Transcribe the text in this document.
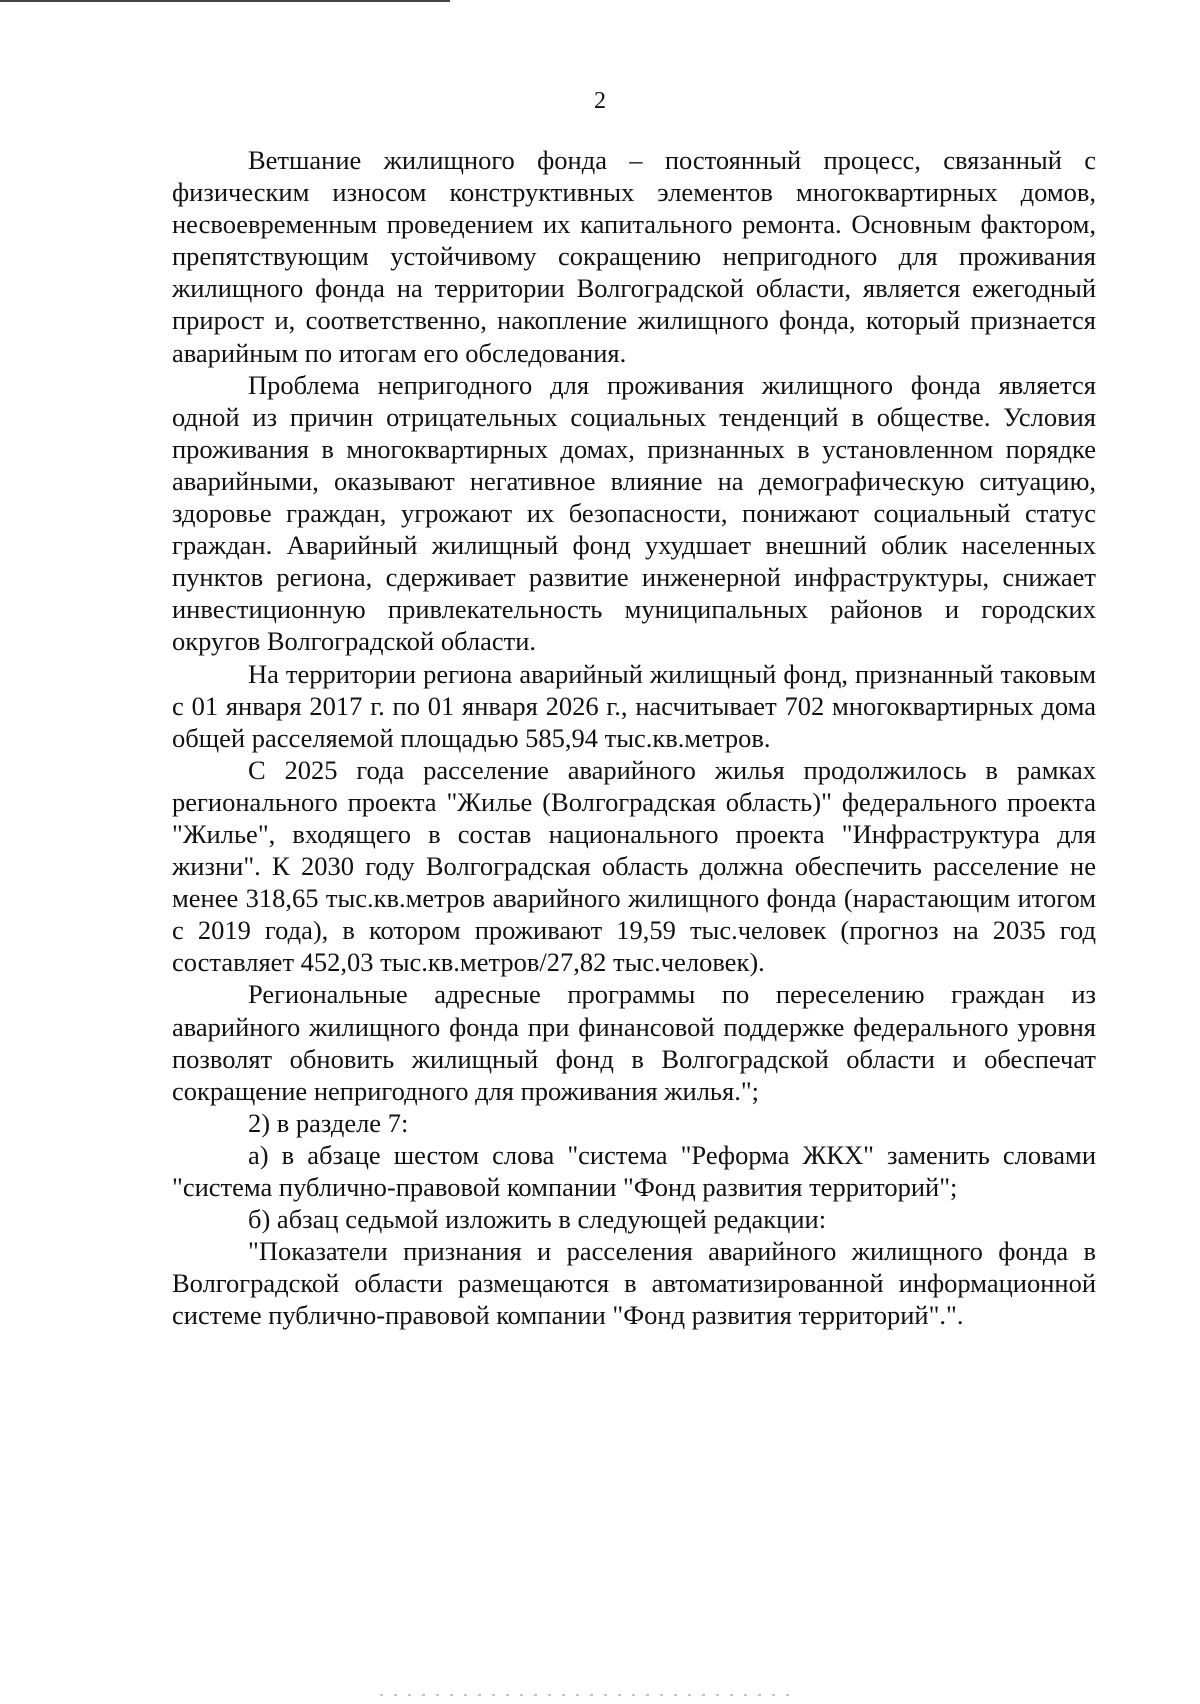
2

Ветшание жилищного фонда – постоянный процесс, связанный с физическим износом конструктивных элементов многоквартирных домов, несвоевременным проведением их капитального ремонта. Основным фактором, препятствующим устойчивому сокращению непригодного для проживания жилищного фонда на территории Волгоградской области, является ежегодный прирост и, соответственно, накопление жилищного фонда, который признается аварийным по итогам его обследования.

Проблема непригодного для проживания жилищного фонда является одной из причин отрицательных социальных тенденций в обществе. Условия проживания в многоквартирных домах, признанных в установленном порядке аварийными, оказывают негативное влияние на демографическую ситуацию, здоровье граждан, угрожают их безопасности, понижают социальный статус граждан. Аварийный жилищный фонд ухудшает внешний облик населенных пунктов региона, сдерживает развитие инженерной инфраструктуры, снижает инвестиционную привлекательность муниципальных районов и городских округов Волгоградской области.

На территории региона аварийный жилищный фонд, признанный таковым с 01 января 2017 г. по 01 января 2026 г., насчитывает 702 многоквартирных дома общей расселяемой площадью 585,94 тыс.кв.метров.

С 2025 года расселение аварийного жилья продолжилось в рамках регионального проекта "Жилье (Волгоградская область)" федерального проекта "Жилье", входящего в состав национального проекта "Инфраструктура для жизни". К 2030 году Волгоградская область должна обеспечить расселение не менее 318,65 тыс.кв.метров аварийного жилищного фонда (нарастающим итогом с 2019 года), в котором проживают 19,59 тыс.человек (прогноз на 2035 год составляет 452,03 тыс.кв.метров/27,82 тыс.человек).

Региональные адресные программы по переселению граждан из аварийного жилищного фонда при финансовой поддержке федерального уровня позволят обновить жилищный фонд в Волгоградской области и обеспечат сокращение непригодного для проживания жилья.";

2) в разделе 7:

а) в абзаце шестом слова "система "Реформа ЖКХ" заменить словами "система публично-правовой компании "Фонд развития территорий";

б) абзац седьмой изложить в следующей редакции:

"Показатели признания и расселения аварийного жилищного фонда в Волгоградской области размещаются в автоматизированной информационной системе публично-правовой компании "Фонд развития территорий".".
